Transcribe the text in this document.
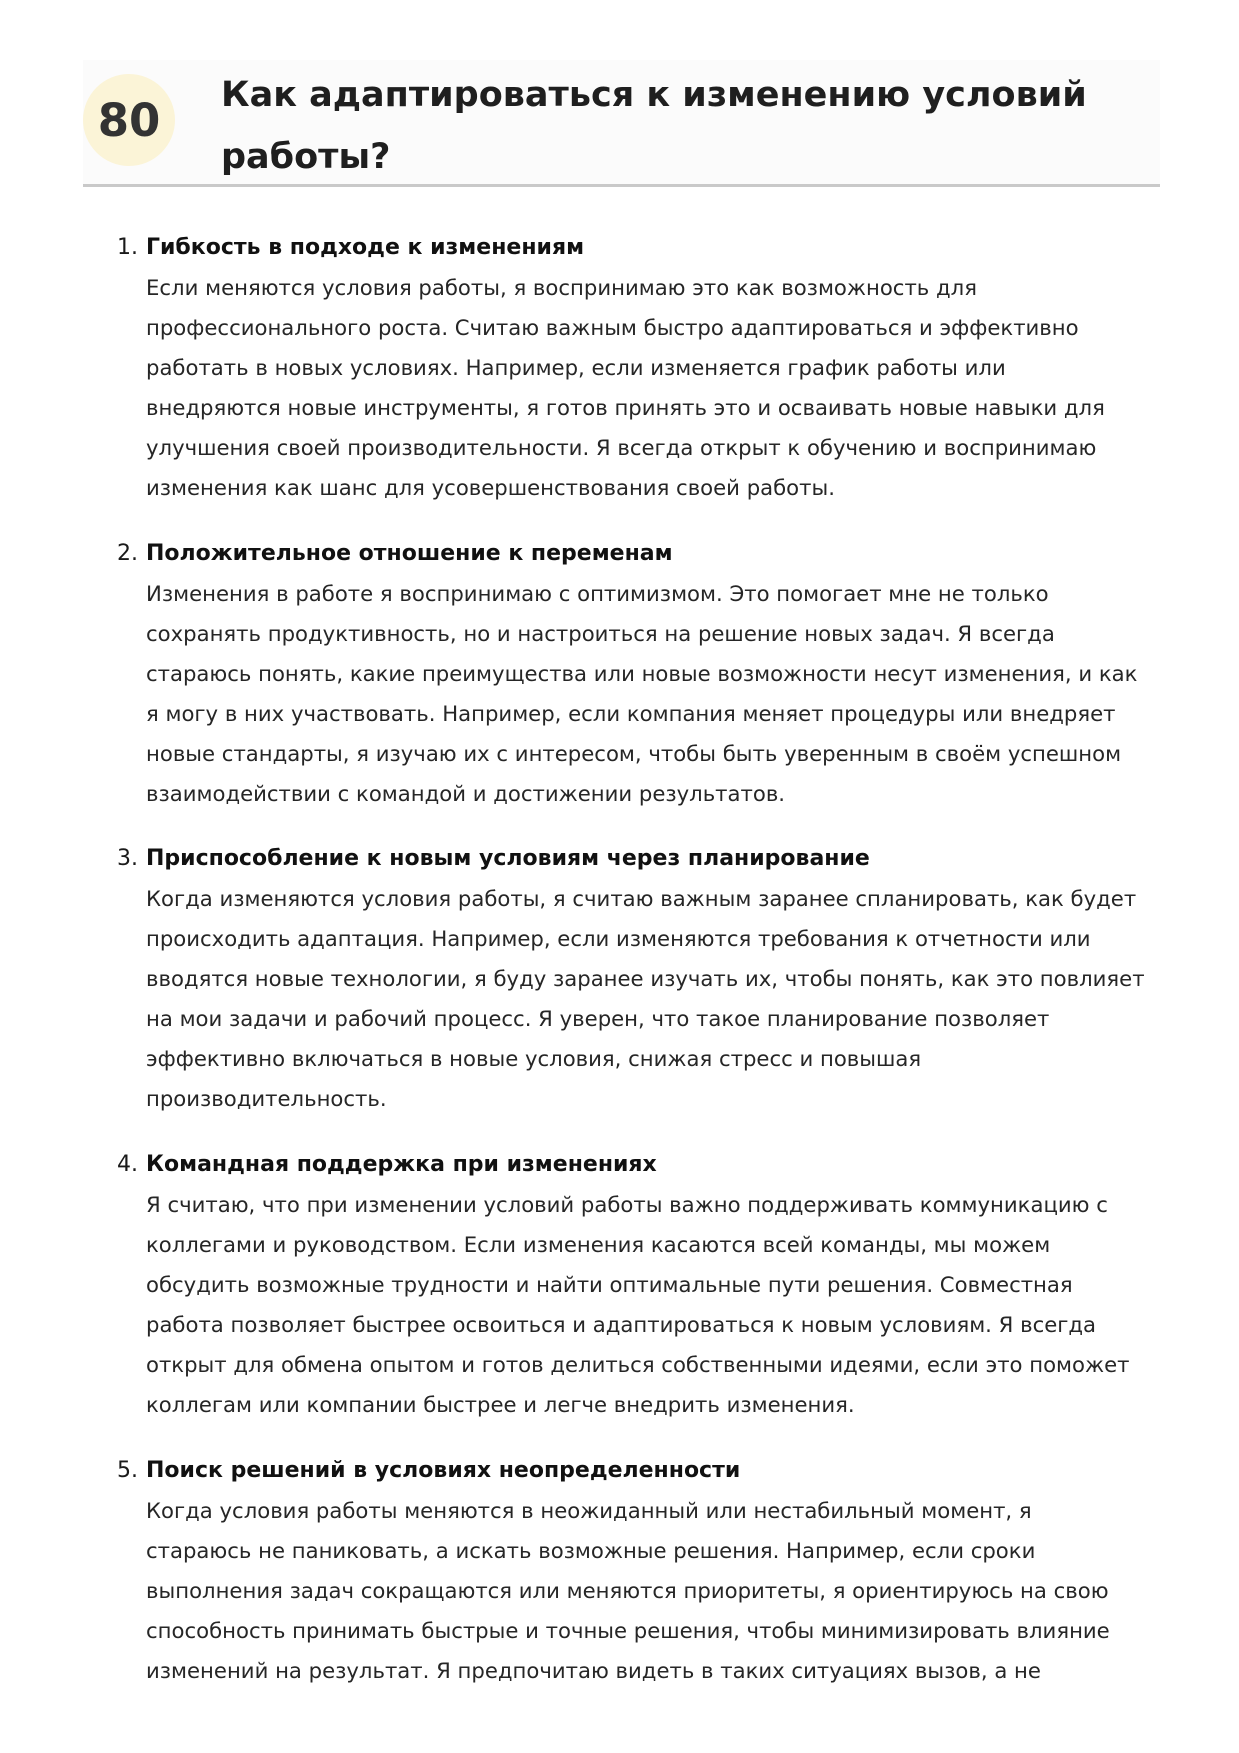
80	Как адаптироваться к изменению условий
работы?
1. Гибкость в подходе к изменениям

Если меняются условия работы, я воспринимаю это как возможность для
профессионального роста. Считаю важным быстро адаптироваться и эффективно
работать в новых условиях. Например, если изменяется график работы или
внедряются новые инструменты, я готов принять это и осваивать новые навыки для
улучшения своей производительности. Я всегда открыт к обучению и воспринимаю
изменения как шанс для усовершенствования своей работы.

2. Положительное отношение к переменам

Изменения в работе я воспринимаю с оптимизмом. Это помогает мне не только
сохранять продуктивность, но и настроиться на решение новых задач. Я всегда
стараюсь понять, какие преимущества или новые возможности несут изменения, и как
я могу в них участвовать. Например, если компания меняет процедуры или внедряет
новые стандарты, я изучаю их с интересом, чтобы быть уверенным в своём успешном
взаимодействии с командой и достижении результатов.

3. Приспособление к новым условиям через планирование

Когда изменяются условия работы, я считаю важным заранее спланировать, как будет
происходить адаптация. Например, если изменяются требования к отчетности или
вводятся новые технологии, я буду заранее изучать их, чтобы понять, как это повлияет
на мои задачи и рабочий процесс. Я уверен, что такое планирование позволяет
эффективно включаться в новые условия, снижая стресс и повышая
производительность.

4. Командная поддержка при изменениях

Я считаю, что при изменении условий работы важно поддерживать коммуникацию с
коллегами и руководством. Если изменения касаются всей команды, мы можем
обсудить возможные трудности и найти оптимальные пути решения. Совместная
работа позволяет быстрее освоиться и адаптироваться к новым условиям. Я всегда
открыт для обмена опытом и готов делиться собственными идеями, если это поможет
коллегам или компании быстрее и легче внедрить изменения.

5. Поиск решений в условиях неопределенности

Когда условия работы меняются в неожиданный или нестабильный момент, я
стараюсь не паниковать, а искать возможные решения. Например, если сроки
выполнения задач сокращаются или меняются приоритеты, я ориентируюсь на свою
способность принимать быстрые и точные решения, чтобы минимизировать влияние
изменений на результат. Я предпочитаю видеть в таких ситуациях вызов, а не
